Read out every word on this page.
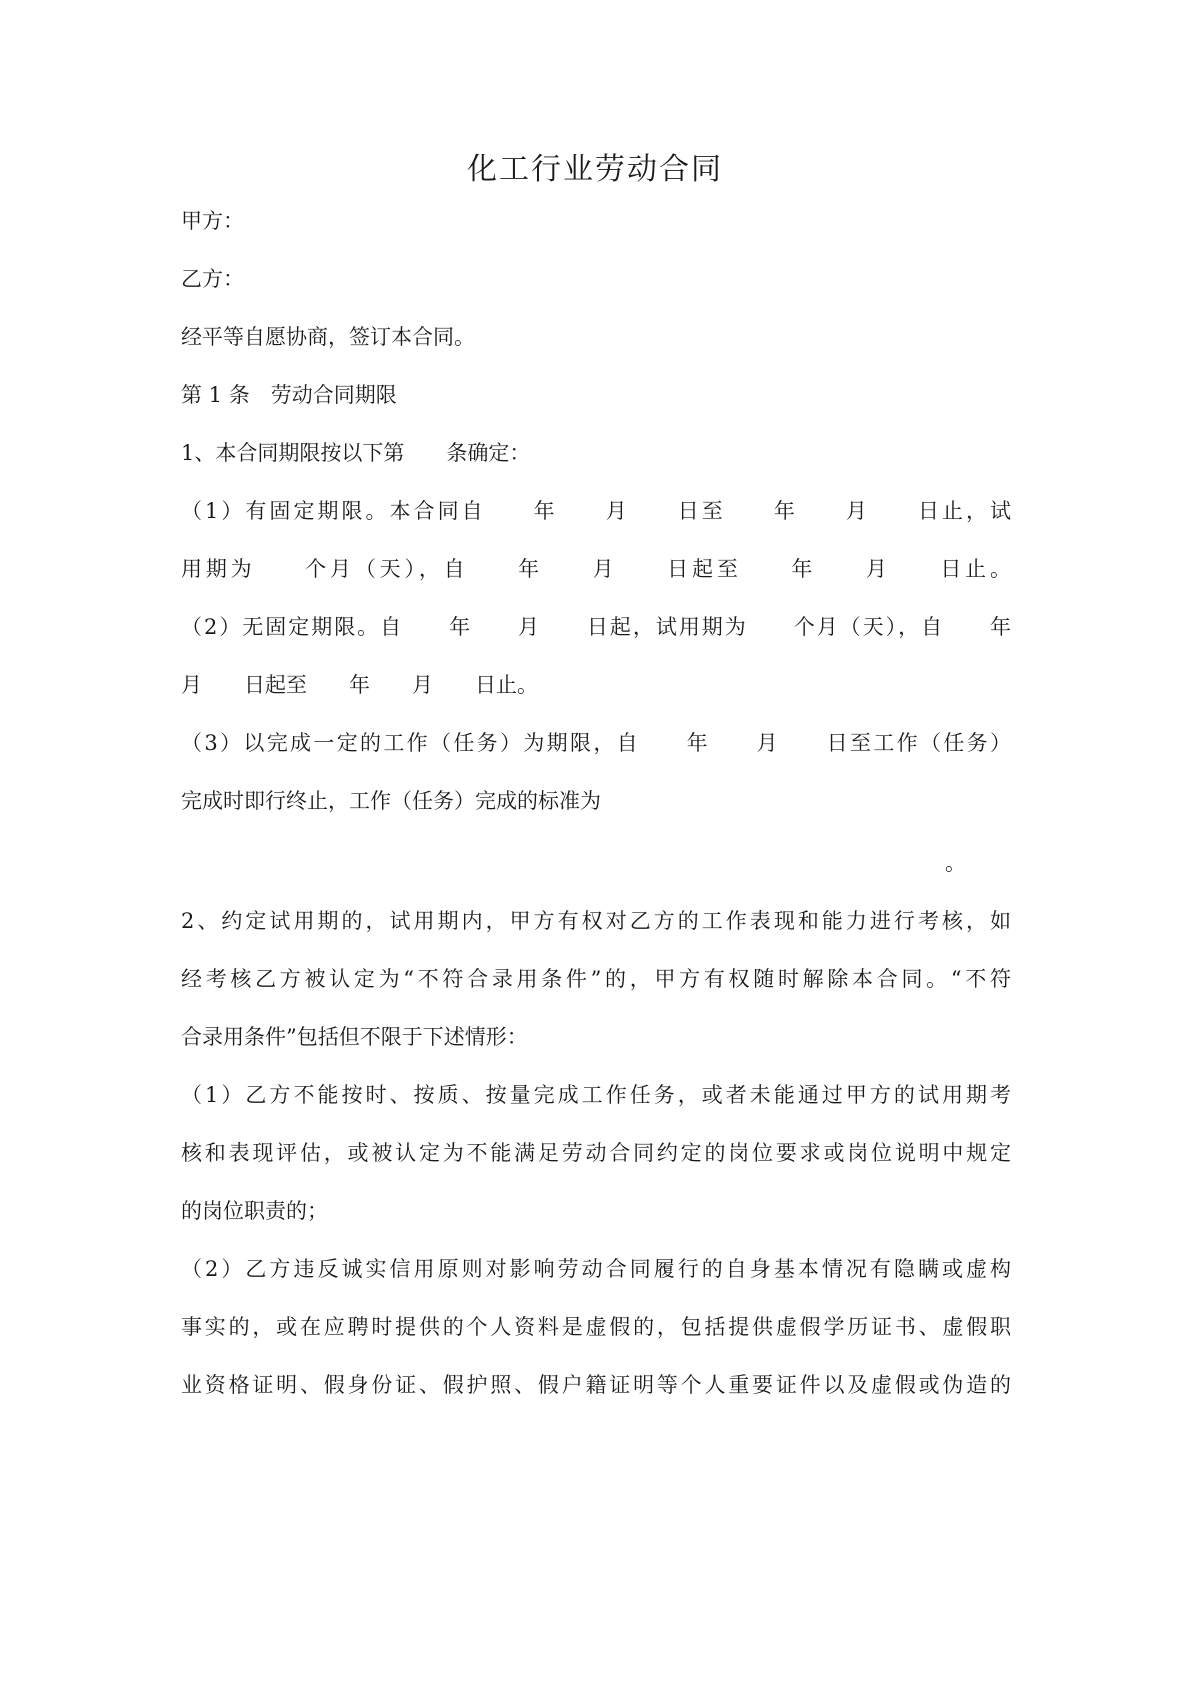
化工行业劳动合同
甲方：
乙方：
经平等自愿协商，签订本合同。
第 1 条　劳动合同期限
1、本合同期限按以下第　　条确定：
（1）有固定期限。本合同自　　年　　月　　日至　　年　　月　　日止，试
用期为　　个月（天），自　　年　　月　　日起至　　年　　月　　日止。
（2）无固定期限。自　　年　　月　　日起，试用期为　　个月（天），自　　年
月　　日起至　　年　　月　　日止。
（3）以完成一定的工作（任务）为期限，自　　年　　月　　日至工作（任务）
完成时即行终止，工作（任务）完成的标准为
2、约定试用期的，试用期内，甲方有权对乙方的工作表现和能力进行考核，如
经考核乙方被认定为“不符合录用条件”的，甲方有权随时解除本合同。“不符
合录用条件”包括但不限于下述情形：
（1）乙方不能按时、按质、按量完成工作任务，或者未能通过甲方的试用期考
核和表现评估，或被认定为不能满足劳动合同约定的岗位要求或岗位说明中规定
的岗位职责的；
（2）乙方违反诚实信用原则对影响劳动合同履行的自身基本情况有隐瞒或虚构
事实的，或在应聘时提供的个人资料是虚假的，包括提供虚假学历证书、虚假职
业资格证明、假身份证、假护照、假户籍证明等个人重要证件以及虚假或伪造的
。
